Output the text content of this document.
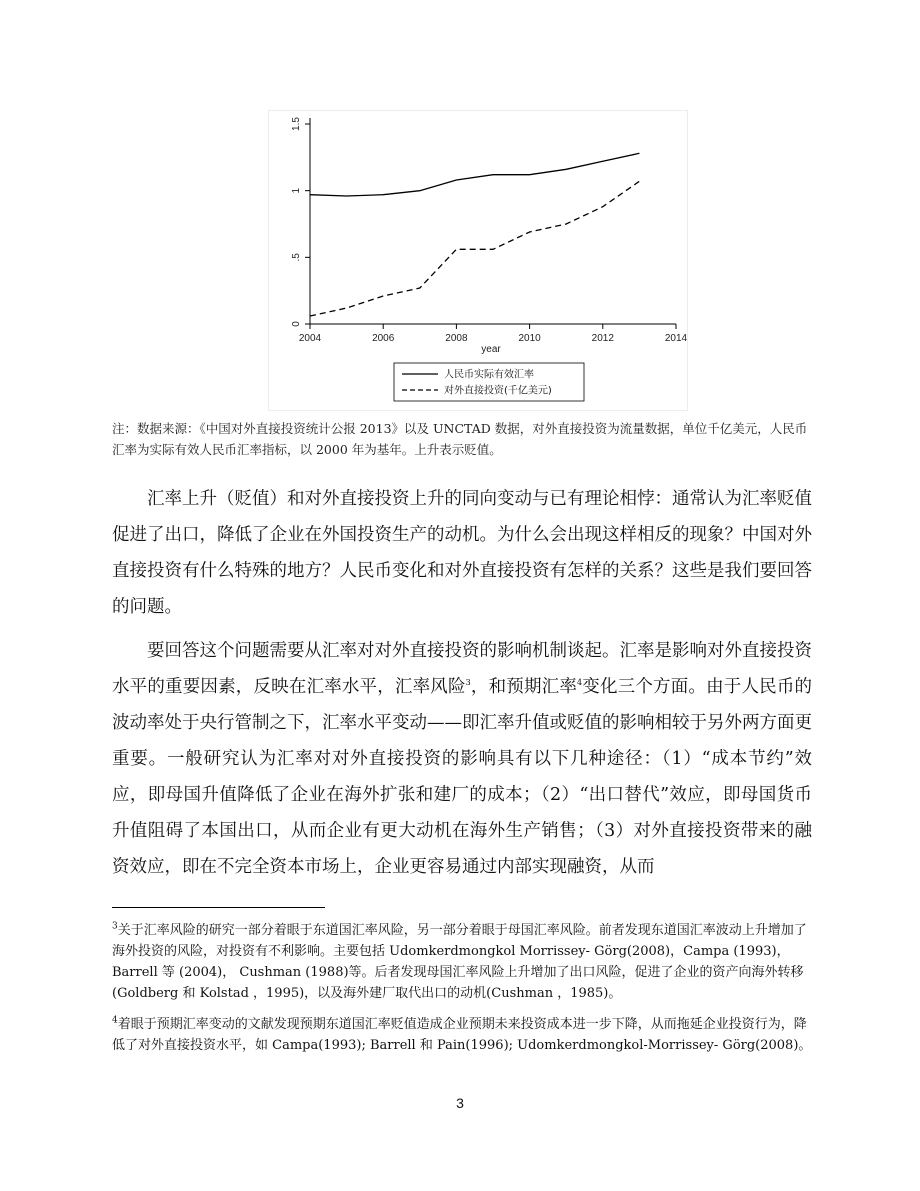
2004	2006	2008	2010	2012	2014
0
.5
1
1.5
year
人民币实际有效汇率
对外直接投资(千亿美元)

注：数据来源：《中国对外直接投资统计公报 2013》以及 UNCTAD 数据，对外直接投资为流量数据，单位千亿美元，人民币汇率为实际有效人民币汇率指标，以 2000 年为基年。上升表示贬值。

汇率上升（贬值）和对外直接投资上升的同向变动与已有理论相悖：通常认为汇率贬值促进了出口，降低了企业在外国投资生产的动机。为什么会出现这样相反的现象？中国对外直接投资有什么特殊的地方？人民币变化和对外直接投资有怎样的关系？这些是我们要回答的问题。

要回答这个问题需要从汇率对对外直接投资的影响机制谈起。汇率是影响对外直接投资水平的重要因素，反映在汇率水平，汇率风险$^3$，和预期汇率$^4$变化三个方面。由于人民币的波动率处于央行管制之下，汇率水平变动——即汇率升值或贬值的影响相较于另外两方面更重要。一般研究认为汇率对对外直接投资的影响具有以下几种途径：（1）“成本节约”效应，即母国升值降低了企业在海外扩张和建厂的成本；（2）“出口替代”效应，即母国货币升值阻碍了本国出口，从而企业有更大动机在海外生产销售；（3）对外直接投资带来的融资效应，即在不完全资本市场上，企业更容易通过内部实现融资，从而

$^3$关于汇率风险的研究一部分着眼于东道国汇率风险，另一部分着眼于母国汇率风险。前者发现东道国汇率波动上升增加了海外投资的风险，对投资有不利影响。主要包括 Udomkerdmongkol Morrissey- Görg(2008)，Campa (1993)，Barrell 等 (2004)， Cushman (1988)等。后者发现母国汇率风险上升增加了出口风险，促进了企业的资产向海外转移(Goldberg 和 Kolstad ，1995)，以及海外建厂取代出口的动机(Cushman ，1985)。

$^4$着眼于预期汇率变动的文献发现预期东道国汇率贬值造成企业预期未来投资成本进一步下降，从而拖延企业投资行为，降低了对外直接投资水平，如 Campa(1993); Barrell 和 Pain(1996); Udomkerdmongkol-Morrissey- Görg(2008)。

3
